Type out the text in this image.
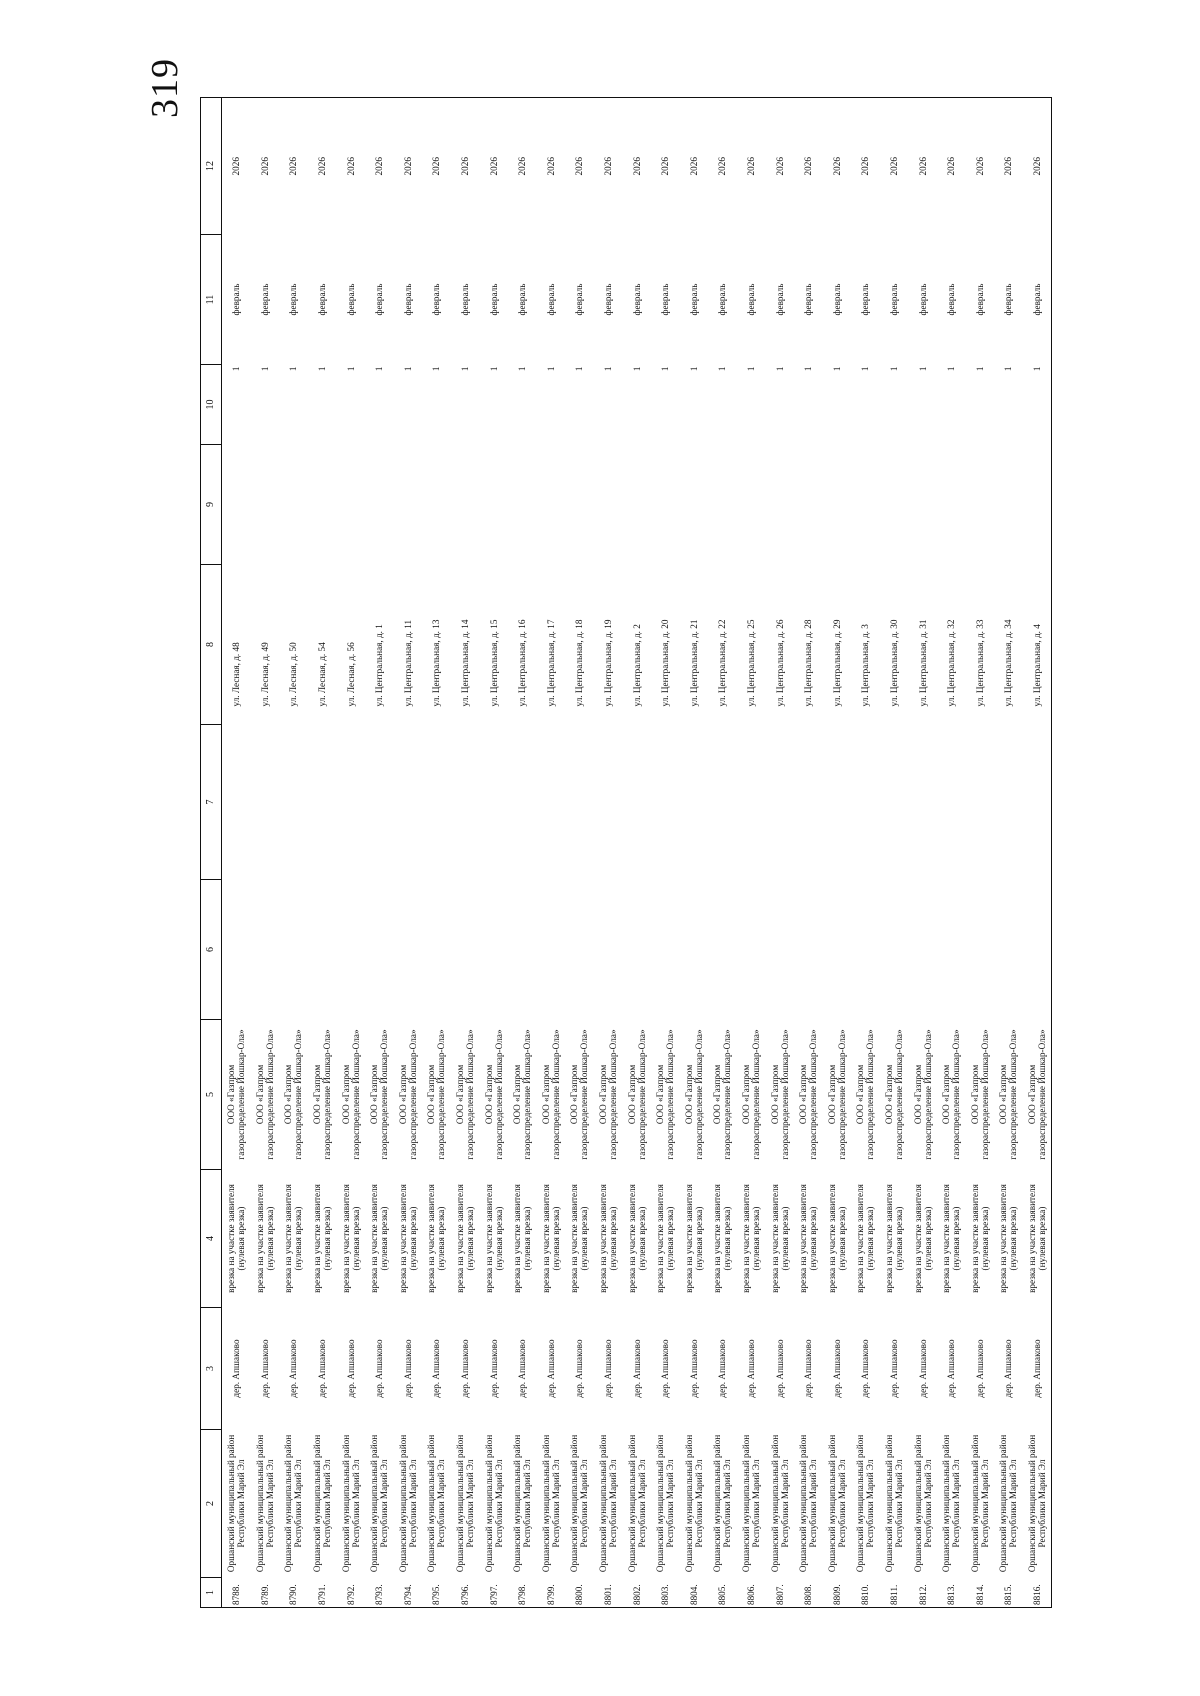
319
1	2	3	4	5	6	7	8	9	10	11	12
8788.	Оршанский муниципальный район
Республики Марий Эл	дер. Апшаково	врезка на участке заявителя
(нулевая врезка)	ООО «Газпром
газораспределение Йошкар-Ола»			ул. Лесная, д. 48		1	февраль	2026
8789.	Оршанский муниципальный район
Республики Марий Эл	дер. Апшаково	врезка на участке заявителя
(нулевая врезка)	ООО «Газпром
газораспределение Йошкар-Ола»			ул. Лесная, д. 49		1	февраль	2026
8790.	Оршанский муниципальный район
Республики Марий Эл	дер. Апшаково	врезка на участке заявителя
(нулевая врезка)	ООО «Газпром
газораспределение Йошкар-Ола»			ул. Лесная, д. 50		1	февраль	2026
8791.	Оршанский муниципальный район
Республики Марий Эл	дер. Апшаково	врезка на участке заявителя
(нулевая врезка)	ООО «Газпром
газораспределение Йошкар-Ола»			ул. Лесная, д. 54		1	февраль	2026
8792.	Оршанский муниципальный район
Республики Марий Эл	дер. Апшаково	врезка на участке заявителя
(нулевая врезка)	ООО «Газпром
газораспределение Йошкар-Ола»			ул. Лесная, д. 56		1	февраль	2026
8793.	Оршанский муниципальный район
Республики Марий Эл	дер. Апшаково	врезка на участке заявителя
(нулевая врезка)	ООО «Газпром
газораспределение Йошкар-Ола»			ул. Центральная, д. 1		1	февраль	2026
8794.	Оршанский муниципальный район
Республики Марий Эл	дер. Апшаково	врезка на участке заявителя
(нулевая врезка)	ООО «Газпром
газораспределение Йошкар-Ола»			ул. Центральная, д. 11		1	февраль	2026
8795.	Оршанский муниципальный район
Республики Марий Эл	дер. Апшаково	врезка на участке заявителя
(нулевая врезка)	ООО «Газпром
газораспределение Йошкар-Ола»			ул. Центральная, д. 13		1	февраль	2026
8796.	Оршанский муниципальный район
Республики Марий Эл	дер. Апшаково	врезка на участке заявителя
(нулевая врезка)	ООО «Газпром
газораспределение Йошкар-Ола»			ул. Центральная, д. 14		1	февраль	2026
8797.	Оршанский муниципальный район
Республики Марий Эл	дер. Апшаково	врезка на участке заявителя
(нулевая врезка)	ООО «Газпром
газораспределение Йошкар-Ола»			ул. Центральная, д. 15		1	февраль	2026
8798.	Оршанский муниципальный район
Республики Марий Эл	дер. Апшаково	врезка на участке заявителя
(нулевая врезка)	ООО «Газпром
газораспределение Йошкар-Ола»			ул. Центральная, д. 16		1	февраль	2026
8799.	Оршанский муниципальный район
Республики Марий Эл	дер. Апшаково	врезка на участке заявителя
(нулевая врезка)	ООО «Газпром
газораспределение Йошкар-Ола»			ул. Центральная, д. 17		1	февраль	2026
8800.	Оршанский муниципальный район
Республики Марий Эл	дер. Апшаково	врезка на участке заявителя
(нулевая врезка)	ООО «Газпром
газораспределение Йошкар-Ола»			ул. Центральная, д. 18		1	февраль	2026
8801.	Оршанский муниципальный район
Республики Марий Эл	дер. Апшаково	врезка на участке заявителя
(нулевая врезка)	ООО «Газпром
газораспределение Йошкар-Ола»			ул. Центральная, д. 19		1	февраль	2026
8802.	Оршанский муниципальный район
Республики Марий Эл	дер. Апшаково	врезка на участке заявителя
(нулевая врезка)	ООО «Газпром
газораспределение Йошкар-Ола»			ул. Центральная, д. 2		1	февраль	2026
8803.	Оршанский муниципальный район
Республики Марий Эл	дер. Апшаково	врезка на участке заявителя
(нулевая врезка)	ООО «Газпром
газораспределение Йошкар-Ола»			ул. Центральная, д. 20		1	февраль	2026
8804.	Оршанский муниципальный район
Республики Марий Эл	дер. Апшаково	врезка на участке заявителя
(нулевая врезка)	ООО «Газпром
газораспределение Йошкар-Ола»			ул. Центральная, д. 21		1	февраль	2026
8805.	Оршанский муниципальный район
Республики Марий Эл	дер. Апшаково	врезка на участке заявителя
(нулевая врезка)	ООО «Газпром
газораспределение Йошкар-Ола»			ул. Центральная, д. 22		1	февраль	2026
8806.	Оршанский муниципальный район
Республики Марий Эл	дер. Апшаково	врезка на участке заявителя
(нулевая врезка)	ООО «Газпром
газораспределение Йошкар-Ола»			ул. Центральная, д. 25		1	февраль	2026
8807.	Оршанский муниципальный район
Республики Марий Эл	дер. Апшаково	врезка на участке заявителя
(нулевая врезка)	ООО «Газпром
газораспределение Йошкар-Ола»			ул. Центральная, д. 26		1	февраль	2026
8808.	Оршанский муниципальный район
Республики Марий Эл	дер. Апшаково	врезка на участке заявителя
(нулевая врезка)	ООО «Газпром
газораспределение Йошкар-Ола»			ул. Центральная, д. 28		1	февраль	2026
8809.	Оршанский муниципальный район
Республики Марий Эл	дер. Апшаково	врезка на участке заявителя
(нулевая врезка)	ООО «Газпром
газораспределение Йошкар-Ола»			ул. Центральная, д. 29		1	февраль	2026
8810.	Оршанский муниципальный район
Республики Марий Эл	дер. Апшаково	врезка на участке заявителя
(нулевая врезка)	ООО «Газпром
газораспределение Йошкар-Ола»			ул. Центральная, д. 3		1	февраль	2026
8811.	Оршанский муниципальный район
Республики Марий Эл	дер. Апшаково	врезка на участке заявителя
(нулевая врезка)	ООО «Газпром
газораспределение Йошкар-Ола»			ул. Центральная, д. 30		1	февраль	2026
8812.	Оршанский муниципальный район
Республики Марий Эл	дер. Апшаково	врезка на участке заявителя
(нулевая врезка)	ООО «Газпром
газораспределение Йошкар-Ола»			ул. Центральная, д. 31		1	февраль	2026
8813.	Оршанский муниципальный район
Республики Марий Эл	дер. Апшаково	врезка на участке заявителя
(нулевая врезка)	ООО «Газпром
газораспределение Йошкар-Ола»			ул. Центральная, д. 32		1	февраль	2026
8814.	Оршанский муниципальный район
Республики Марий Эл	дер. Апшаково	врезка на участке заявителя
(нулевая врезка)	ООО «Газпром
газораспределение Йошкар-Ола»			ул. Центральная, д. 33		1	февраль	2026
8815.	Оршанский муниципальный район
Республики Марий Эл	дер. Апшаково	врезка на участке заявителя
(нулевая врезка)	ООО «Газпром
газораспределение Йошкар-Ола»			ул. Центральная, д. 34		1	февраль	2026
8816.	Оршанский муниципальный район
Республики Марий Эл	дер. Апшаково	врезка на участке заявителя
(нулевая врезка)	ООО «Газпром
газораспределение Йошкар-Ола»			ул. Центральная, д. 4		1	февраль	2026
